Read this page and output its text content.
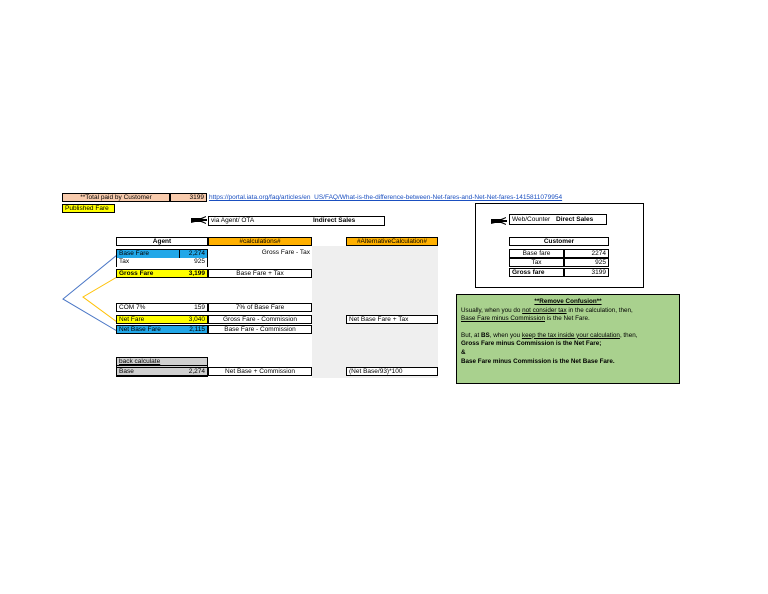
**Total paid by Customer	3199 https://portal.iata.org/faq/articles/en_US/FAQ/What-is-the-difference-between-Net-fares-and-Net-Net-fares-1415811079954
Published Fare
via Agent/ OTA	Indirect Sales
Agent	#calculations#	#AlternativeCalculation#
Base Fare	2,274	Gross Fare - Tax
Tax	925
Gross Fare	3,199	Base Fare + Tax
COM 7%	159	7% of Base Fare
Net Fare	3,040	Gross Fare - Commission	Net Base Fare + Tax
Net Base Fare	2,115	Base Fare - Commission
back calculate
Base	2,274	Net Base + Commission	(Net Base/93)*100
Web/Counter Direct Sales
Customer
Base fare	2274
Tax	925
Gross fare	3199
**Remove Confusion**
Usually, when you do not consider tax in the calculation, then,
Base Fare minus Commission is the Net Fare.
But, at BS, when you keep the tax inside your calculation, then,
Gross Fare minus Commission is the Net Fare;
&
Base Fare minus Commission is the Net Base Fare.
